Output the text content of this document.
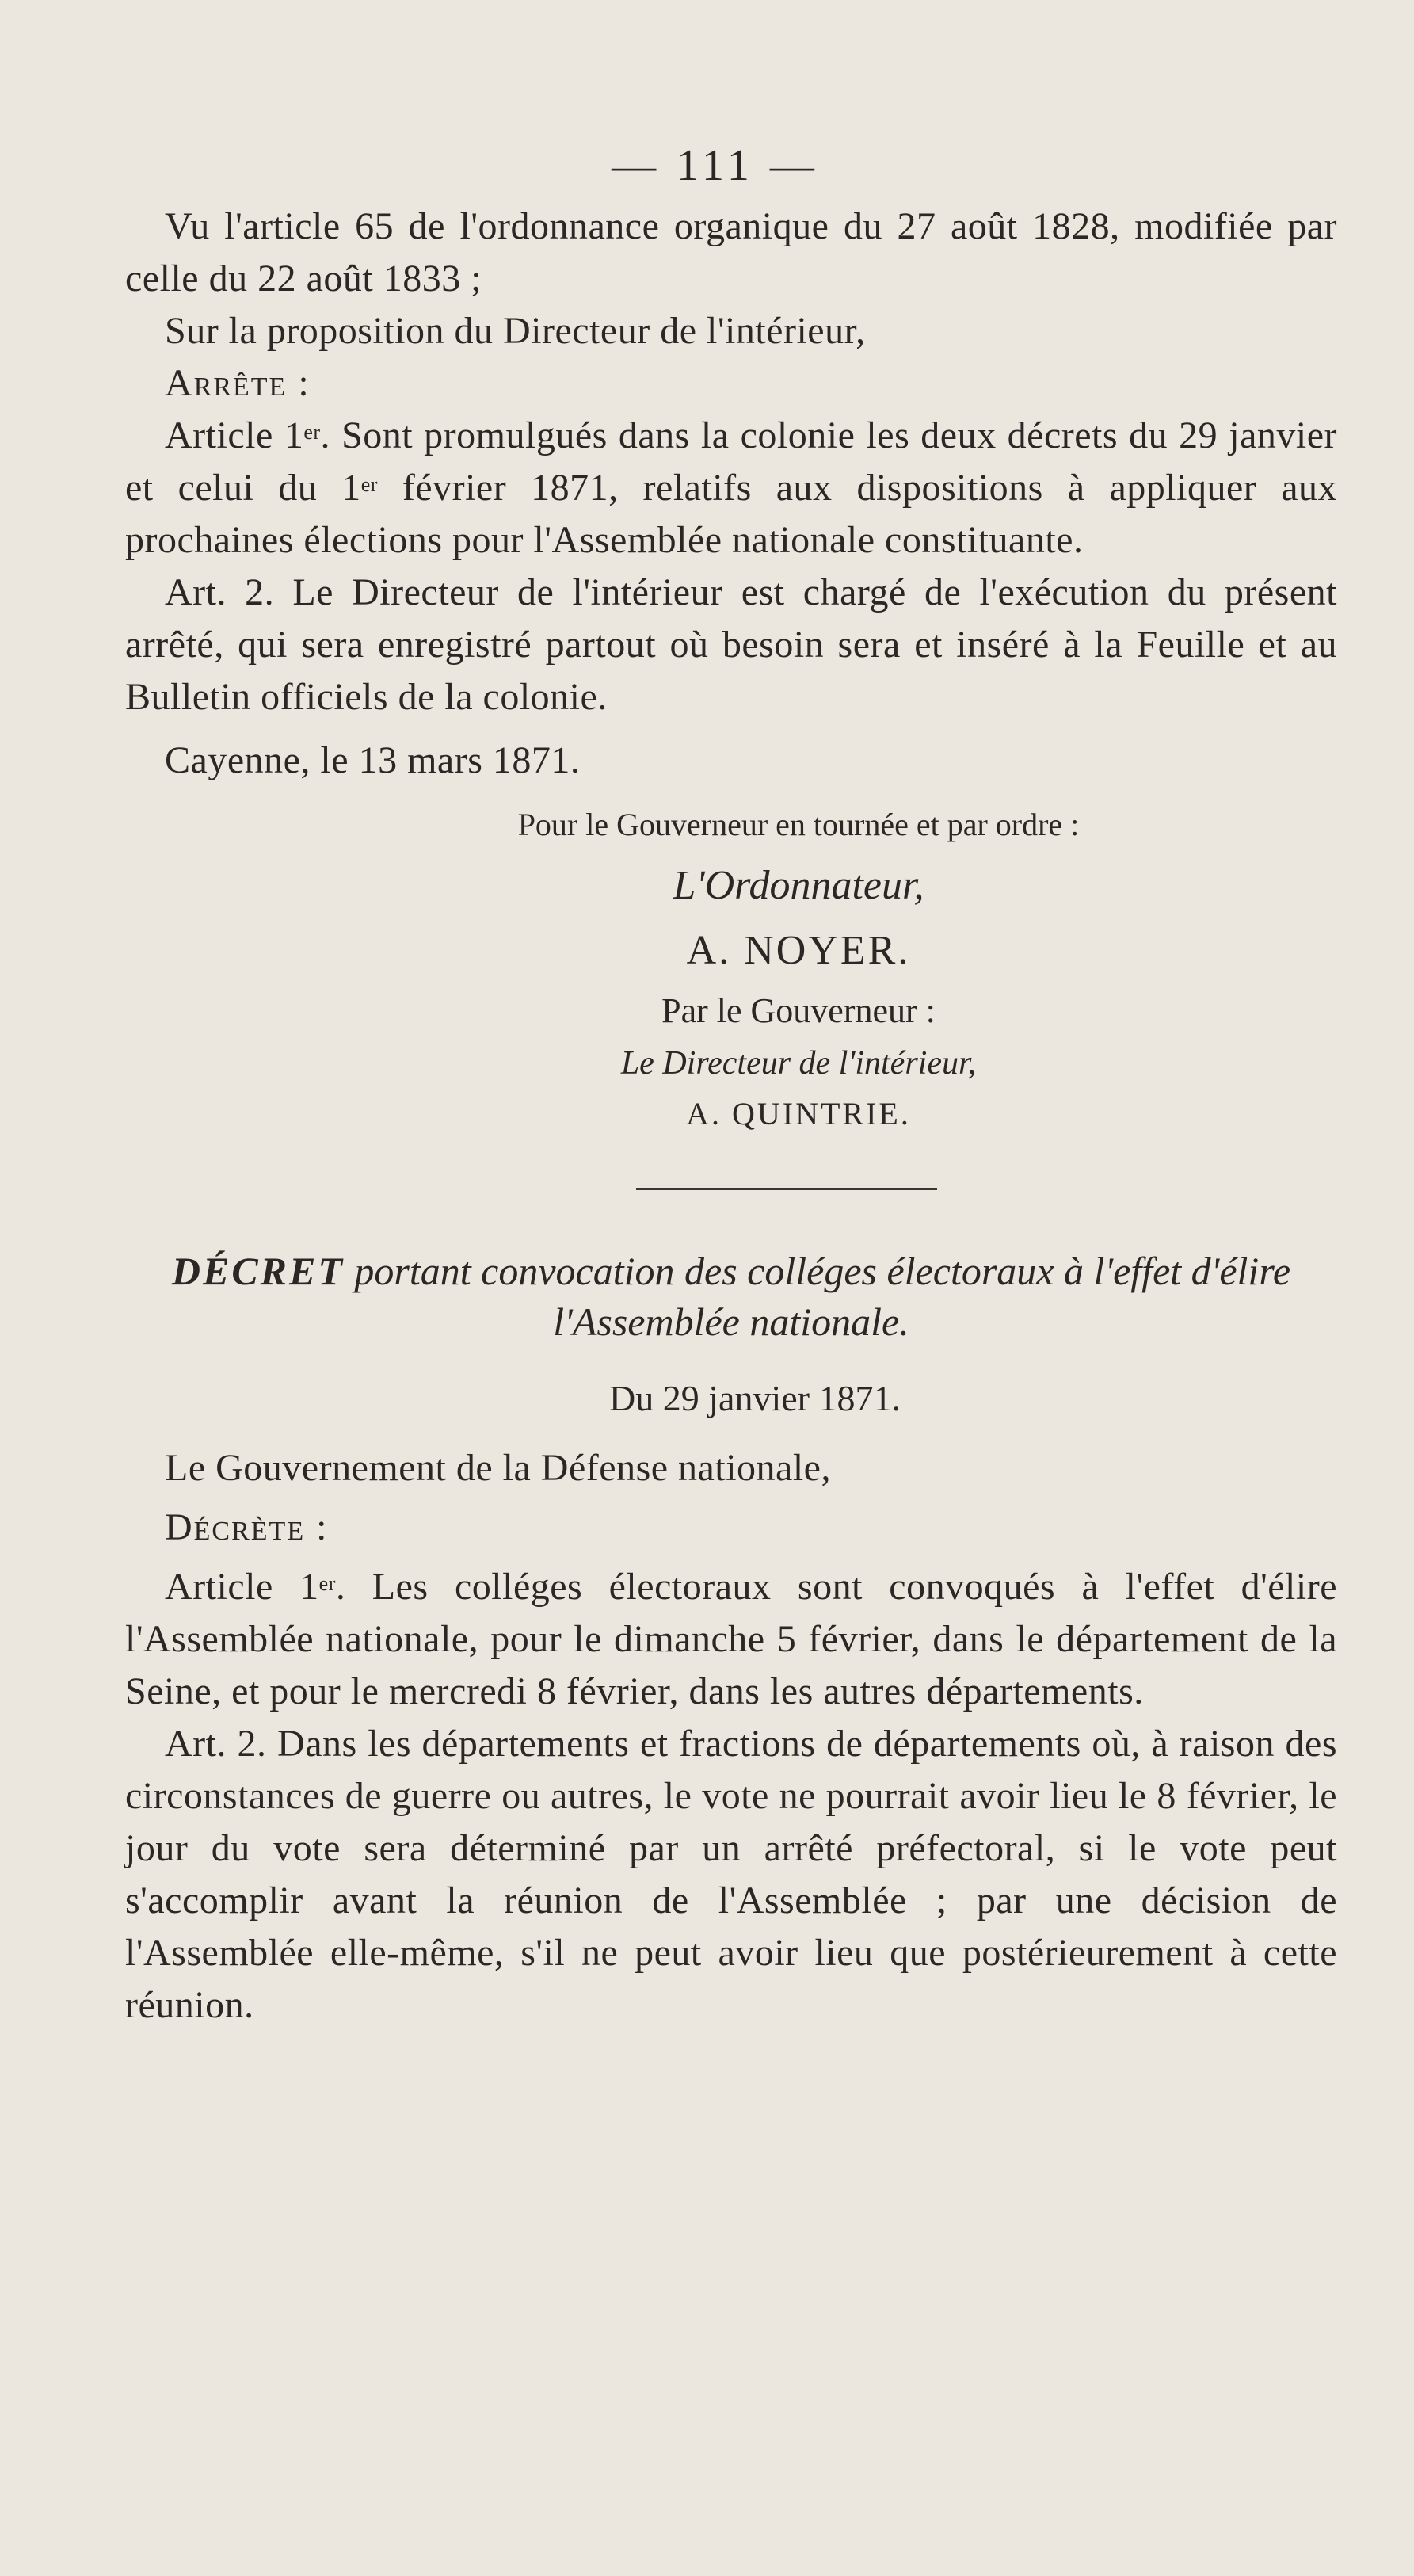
— 111 —

Vu l'article 65 de l'ordonnance organique du 27 août 1828, modifiée par celle du 22 août 1833 ;

Sur la proposition du Directeur de l'intérieur,

Arrête :

Article 1er. Sont promulgués dans la colonie les deux décrets du 29 janvier et celui du 1er février 1871, relatifs aux dispositions à appliquer aux prochaines élections pour l'Assemblée nationale constituante.

Art. 2. Le Directeur de l'intérieur est chargé de l'exécution du présent arrêté, qui sera enregistré partout où besoin sera et inséré à la Feuille et au Bulletin officiels de la colonie.

Cayenne, le 13 mars 1871.

Pour le Gouverneur en tournée et par ordre :

L'Ordonnateur,

A. NOYER.

Par le Gouverneur :

Le Directeur de l'intérieur,

A. QUINTRIE.

DÉCRET portant convocation des colléges électoraux à l'effet d'élire l'Assemblée nationale.

Du 29 janvier 1871.

Le Gouvernement de la Défense nationale,

Décrète :

Article 1er. Les colléges électoraux sont convoqués à l'effet d'élire l'Assemblée nationale, pour le dimanche 5 février, dans le département de la Seine, et pour le mercredi 8 février, dans les autres départements.

Art. 2. Dans les départements et fractions de départements où, à raison des circonstances de guerre ou autres, le vote ne pourrait avoir lieu le 8 février, le jour du vote sera déterminé par un arrêté préfectoral, si le vote peut s'accomplir avant la réunion de l'Assemblée ; par une décision de l'Assemblée elle-même, s'il ne peut avoir lieu que postérieurement à cette réunion.
